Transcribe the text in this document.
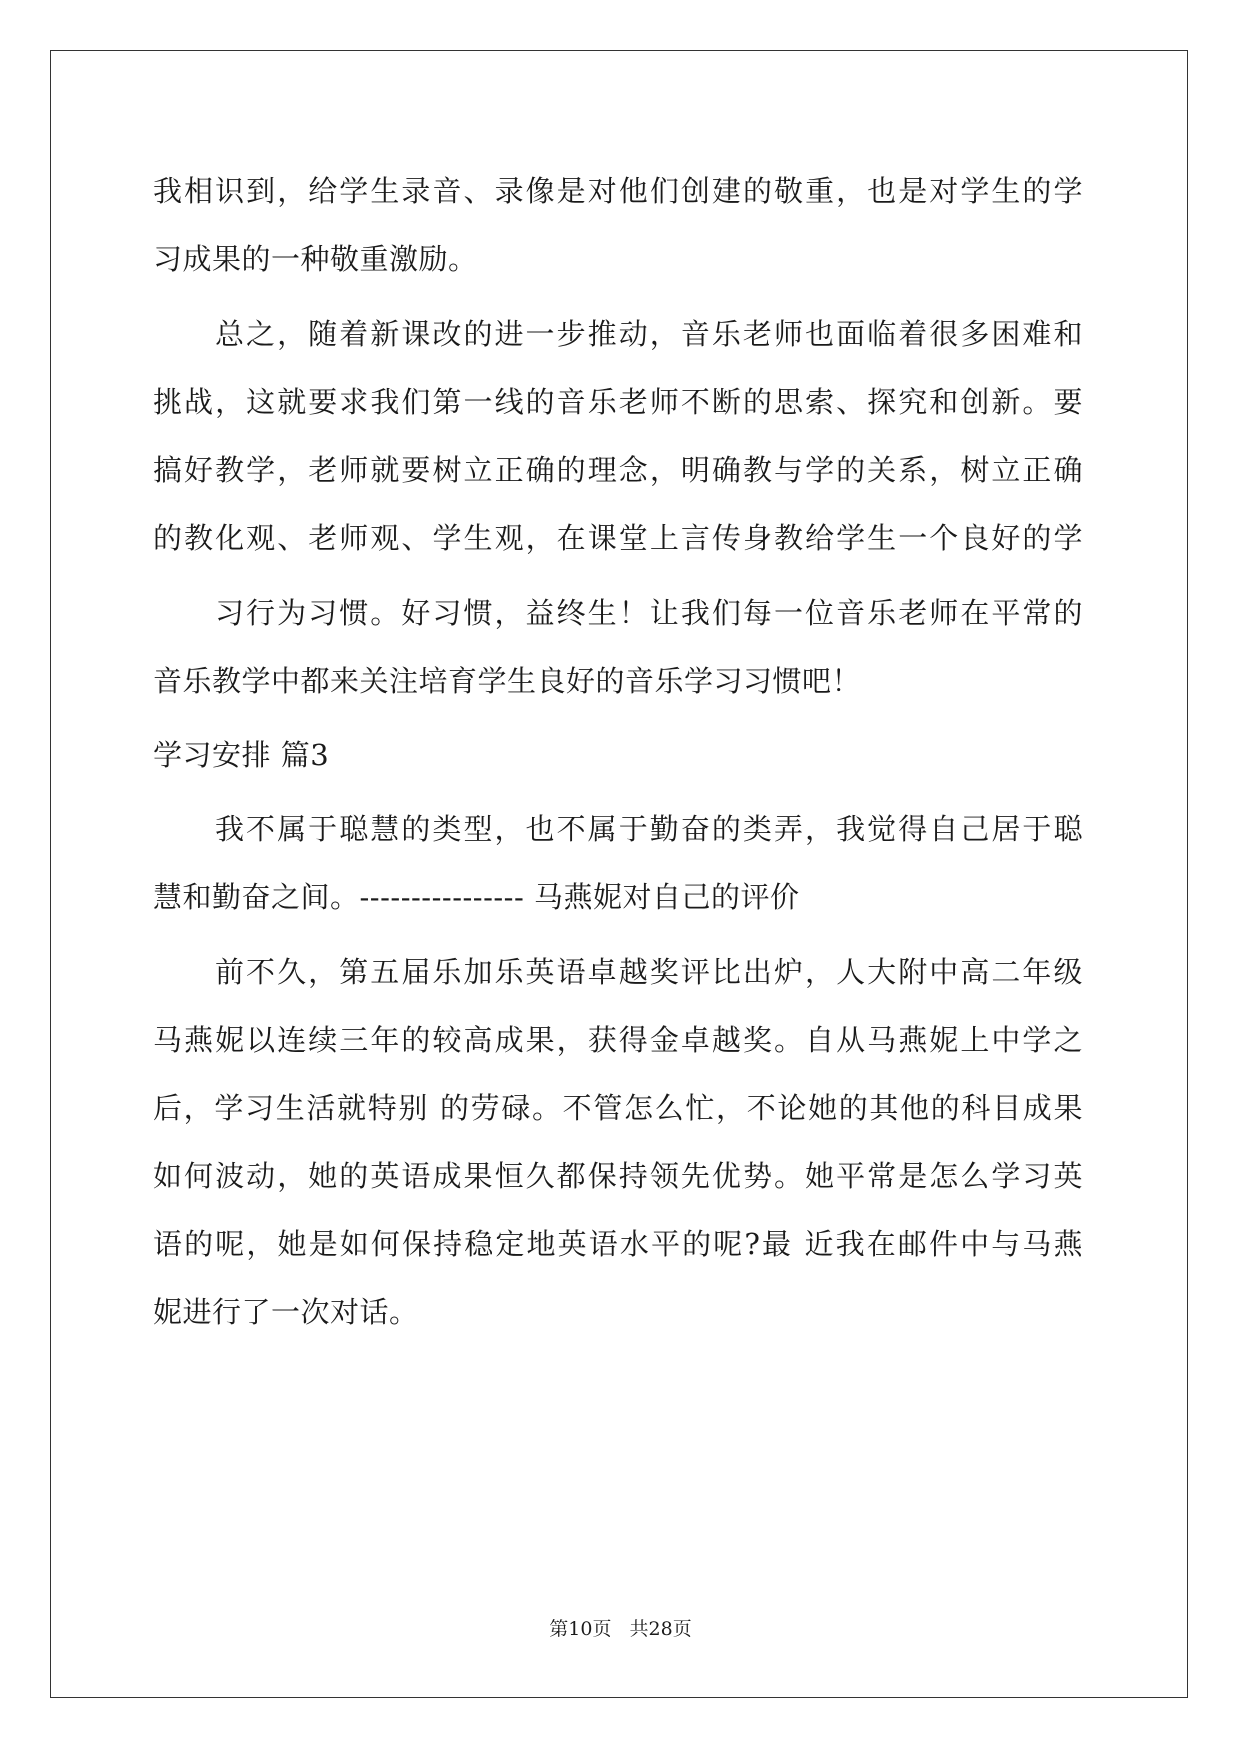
我相识到，给学生录音、录像是对他们创建的敬重，也是对学生的学
习成果的一种敬重激励。
总之，随着新课改的进一步推动，音乐老师也面临着很多困难和
挑战，这就要求我们第一线的音乐老师不断的思索、探究和创新。要
搞好教学，老师就要树立正确的理念，明确教与学的关系，树立正确
的教化观、老师观、学生观，在课堂上言传身教给学生一个良好的学
习行为习惯。好习惯，益终生！让我们每一位音乐老师在平常的
音乐教学中都来关注培育学生良好的音乐学习习惯吧！
学习安排 篇3
我不属于聪慧的类型，也不属于勤奋的类弄，我觉得自己居于聪
慧和勤奋之间。---------------- 马燕妮对自己的评价
前不久，第五届乐加乐英语卓越奖评比出炉，人大附中高二年级
马燕妮以连续三年的较高成果，获得金卓越奖。自从马燕妮上中学之
后，学习生活就特别 的劳碌。不管怎么忙，不论她的其他的科目成果
如何波动，她的英语成果恒久都保持领先优势。她平常是怎么学习英
语的呢，她是如何保持稳定地英语水平的呢?最 近我在邮件中与马燕
妮进行了一次对话。
第10页 共28页
